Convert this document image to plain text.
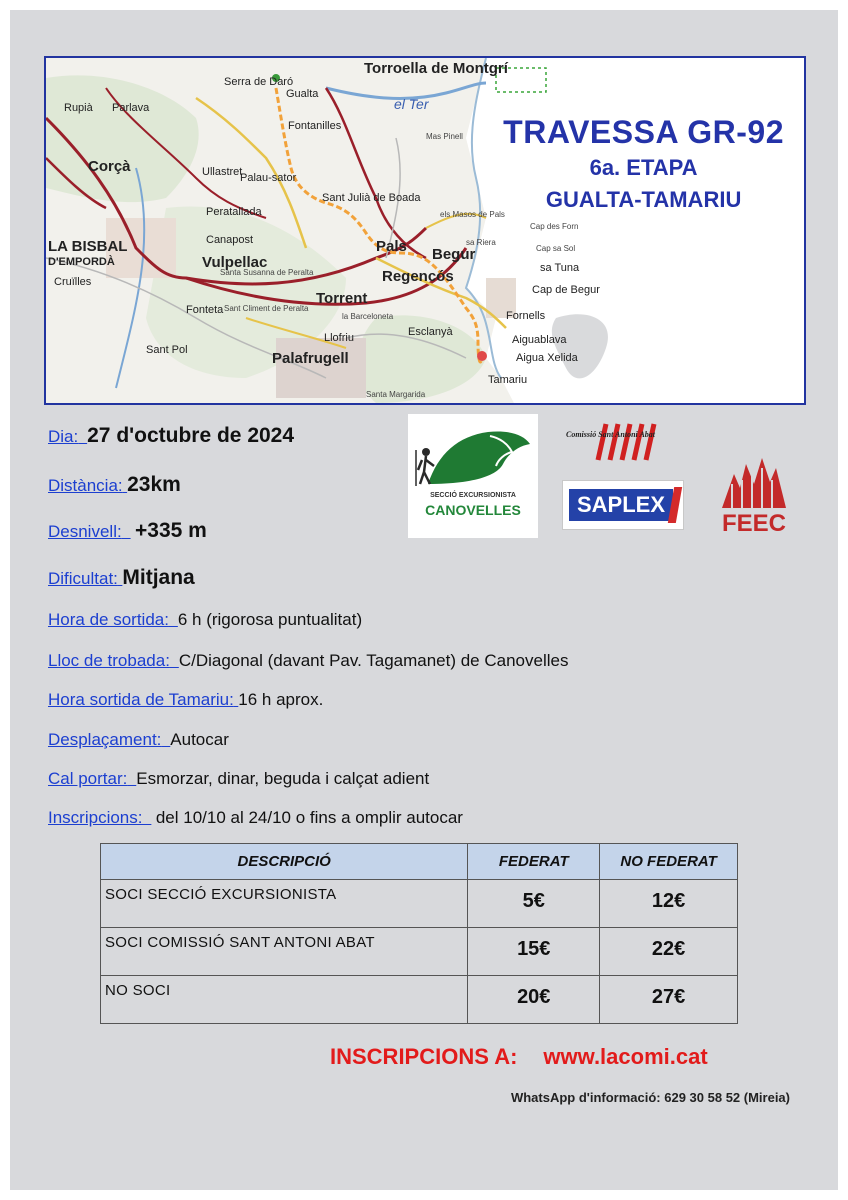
Torroella de Montgrí
LA BISBAL
Vulpellac
Palafrugell
Begur
Pals
Corçà
Torrent
Regencós
Rupià Parlava
Ullastret
Serra de Daró
Gualta
Fontanilles
Palau-sator
Sant Julià de Boada
Fonteta
Sant Pol
Esclanyà
Fornells
Aiguablava
Aigua Xelida
Tamariu
Cap de Begur
sa Tuna
Peratallada
Canapost
Llofriu
el Ter
D'EMPORDÀ
Cruïlles
Mas Pinell
els Masos de Pals
sa Riera
Sant Climent de Peralta
Santa Susanna de Peralta
la Barceloneta
Santa Margarida
Cap des Forn
Cap sa Sol
TRAVESSA GR-92
6a. ETAPA
GUALTA-TAMARIU
Dia: 27 d'octubre de 2024
Distància: 23km
Desnivell: +335 m
Dificultat: Mitjana
Hora de sortida: 6 h (rigorosa puntualitat)
Lloc de trobada: C/Diagonal (davant Pav. Tagamanet) de Canovelles
Hora sortida de Tamariu: 16 h aprox.
Desplaçament: Autocar
Cal portar: Esmorzar, dinar, beguda i calçat adient
Inscripcions: del 10/10 al 24/10 o fins a omplir autocar
SECCIÓ EXCURSIONISTA
CANOVELLES
Comissió Sant Antoni Abat
SAPLEX
FEEC
DESCRIPCIÓ	FEDERAT	NO FEDERAT
SOCI SECCIÓ EXCURSIONISTA	5€	12€
SOCI COMISSIÓ SANT ANTONI ABAT	15€	22€
NO SOCI	20€	27€
INSCRIPCIONS A: www.lacomi.cat
WhatsApp d'informació: 629 30 58 52 (Mireia)
